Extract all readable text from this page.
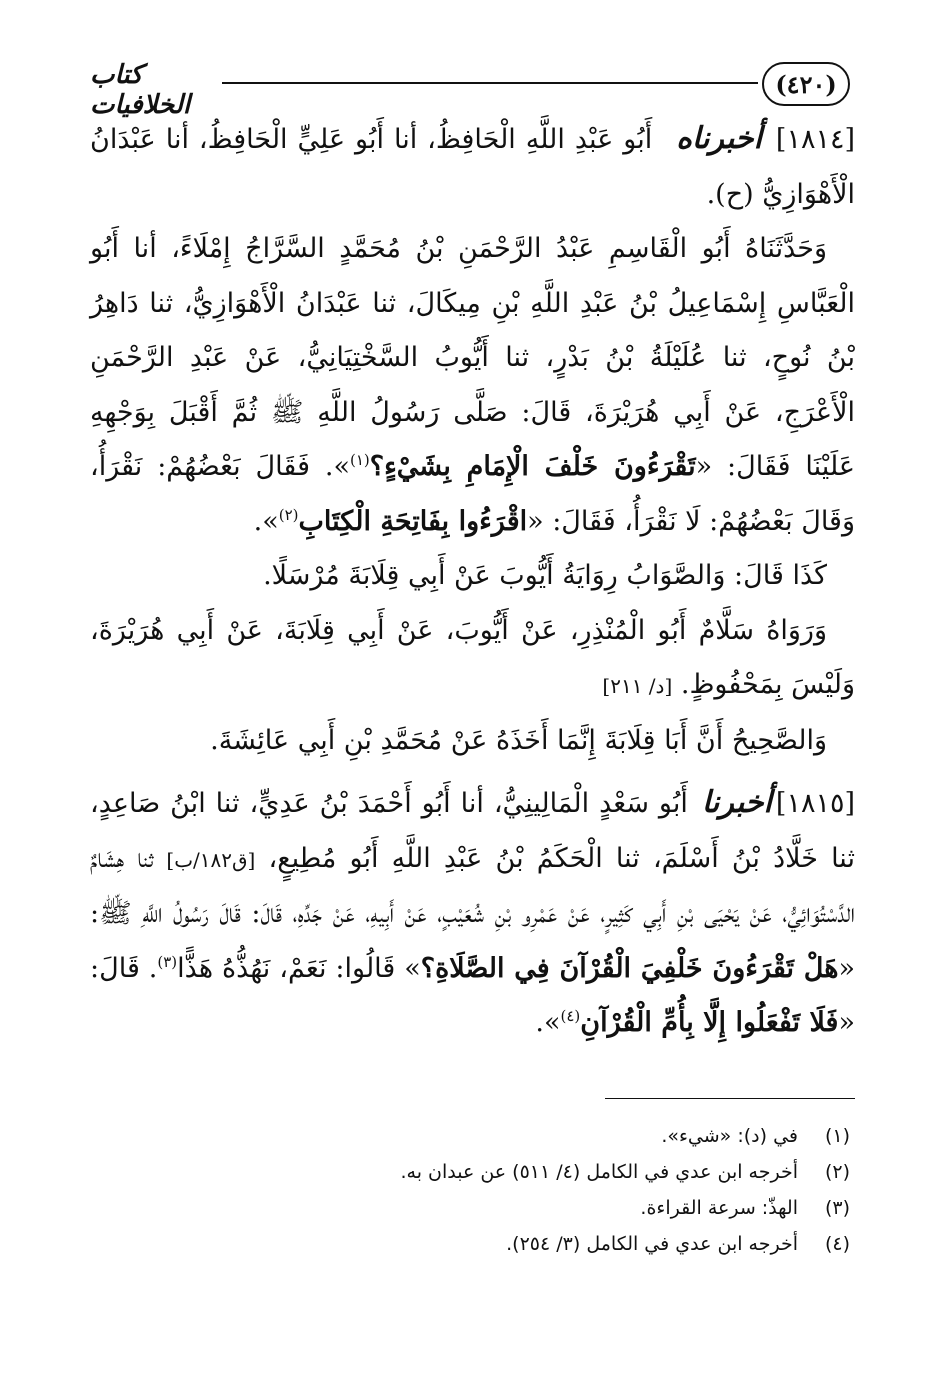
(٤٢٠)
كتاب الخلافيات

[١٨١٤] أخبرناه أَبُو عَبْدِ اللَّهِ الْحَافِظُ، أنا أَبُو عَلِيٍّ الْحَافِظُ، أنا عَبْدَانُ الْأَهْوَازِيُّ (ح).

وَحَدَّثَنَاهُ أَبُو الْقَاسِمِ عَبْدُ الرَّحْمَنِ بْنُ مُحَمَّدٍ السَّرَّاجُ إِمْلَاءً، أنا أَبُو الْعَبَّاسِ إِسْمَاعِيلُ بْنُ عَبْدِ اللَّهِ بْنِ مِيكَالَ، ثنا عَبْدَانُ الْأَهْوَازِيُّ، ثنا دَاهِرُ بْنُ نُوحٍ، ثنا عُلَيْلَةُ بْنُ بَدْرٍ، ثنا أَيُّوبُ السَّخْتِيَانِيُّ، عَنْ عَبْدِ الرَّحْمَنِ الْأَعْرَجِ، عَنْ أَبِي هُرَيْرَةَ، قَالَ: صَلَّى رَسُولُ اللَّهِ ﷺ ثُمَّ أَقْبَلَ بِوَجْهِهِ عَلَيْنَا فَقَالَ: «تَقْرَءُونَ خَلْفَ الْإِمَامِ بِشَيْءٍ؟$^{(١)}$». فَقَالَ بَعْضُهُمْ: نَقْرَأُ، وَقَالَ بَعْضُهُمْ: لَا نَقْرَأُ، فَقَالَ: «اقْرَءُوا بِفَاتِحَةِ الْكِتَابِ$^{(٢)}$».

كَذَا قَالَ: وَالصَّوَابُ رِوَايَةُ أَيُّوبَ عَنْ أَبِي قِلَابَةَ مُرْسَلًا.

وَرَوَاهُ سَلَّامٌ أَبُو الْمُنْذِرِ، عَنْ أَيُّوبَ، عَنْ أَبِي قِلَابَةَ، عَنْ أَبِي هُرَيْرَةَ، وَلَيْسَ بِمَحْفُوظٍ. [د/ ٢١١]

وَالصَّحِيحُ أَنَّ أَبَا قِلَابَةَ إِنَّمَا أَخَذَهُ عَنْ مُحَمَّدِ بْنِ أَبِي عَائِشَةَ.

[١٨١٥]أخبرناأَبُو سَعْدٍ الْمَالِينِيُّ، أنا أَبُو أَحْمَدَ بْنُ عَدِيٍّ، ثنا ابْنُ صَاعِدٍ، ثنا خَلَّادُ بْنُ أَسْلَمَ، ثنا الْحَكَمُ بْنُ عَبْدِ اللَّهِ أَبُو مُطِيعٍ، [ق١٨٢/ب] ثنا هِشَامٌ الدَّسْتُوَائِيُّ، عَنْ يَحْيَى بْنِ أَبِي كَثِيرٍ، عَنْ عَمْرِو بْنِ شُعَيْبٍ، عَنْ أَبِيهِ، عَنْ جَدِّهِ، قَالَ: قَالَ رَسُولُ اللَّهِ ﷺ: «هَلْ تَقْرَءُونَ خَلْفِيَ الْقُرْآنَ فِي الصَّلَاةِ؟» قَالُوا: نَعَمْ، نَهُذُّهُ هَذًّا$^{(٣)}$. قَالَ: «فَلَا تَفْعَلُوا إِلَّا بِأُمِّ الْقُرْآنِ$^{(٤)}$».

(١)
في (د): «شيء».
(٢)
أخرجه ابن عدي في الكامل (٤/ ٥١١) عن عبدان به.
(٣)
الهذّ: سرعة القراءة.
(٤)
أخرجه ابن عدي في الكامل (٣/ ٢٥٤).
